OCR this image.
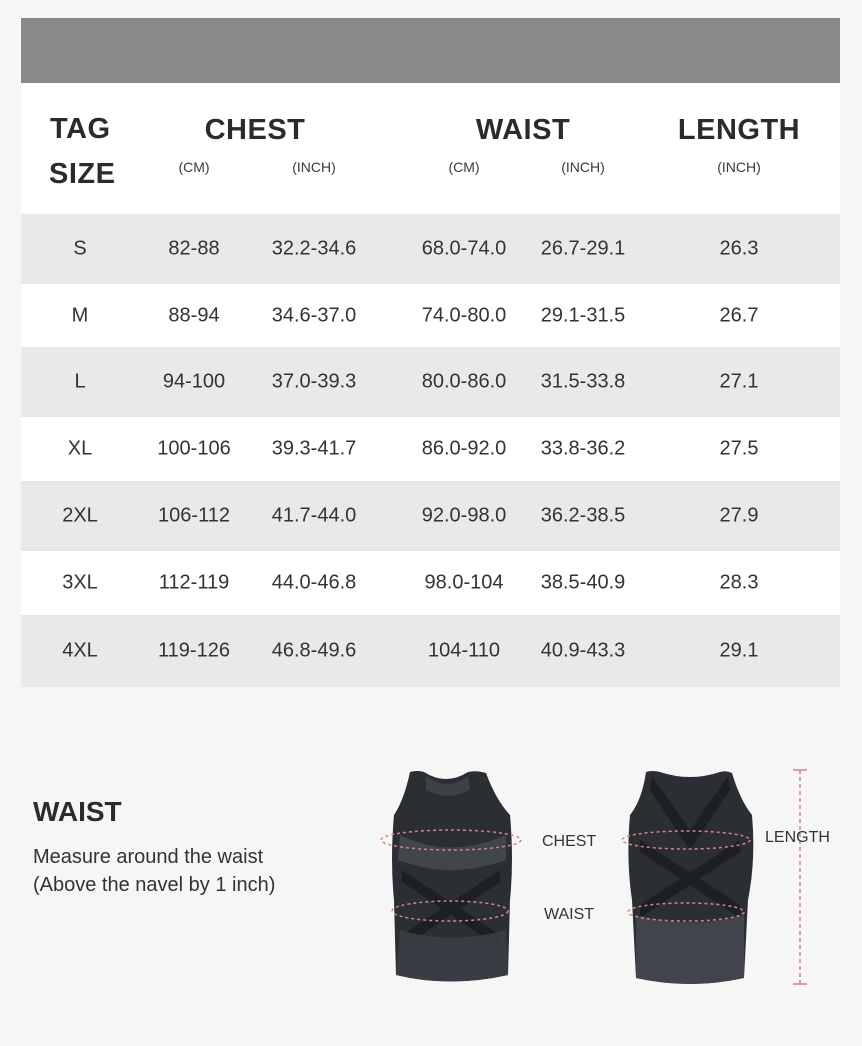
TAG
SIZE
CHEST	WAIST	LENGTH
(CM)	(INCH)	(CM)	(INCH)	(INCH)
S	82-88	32.2-34.6	68.0-74.0 26.7-29.1	26.3
M	88-94	34.6-37.0	74.0-80.0 29.1-31.5	26.7
L	94-100 37.0-39.3	80.0-86.0 31.5-33.8	27.1
XL	100-106 39.3-41.7	86.0-92.0 33.8-36.2	27.5
2XL	106-112 41.7-44.0	92.0-98.0 36.2-38.5	27.9
3XL	112-119 44.0-46.8	98.0-104 38.5-40.9	28.3
4XL	119-126 46.8-49.6	104-110 40.9-43.3	29.1
WAIST
Measure around the waist
(Above the navel by 1 inch)
CHEST
WAIST
LENGTH
